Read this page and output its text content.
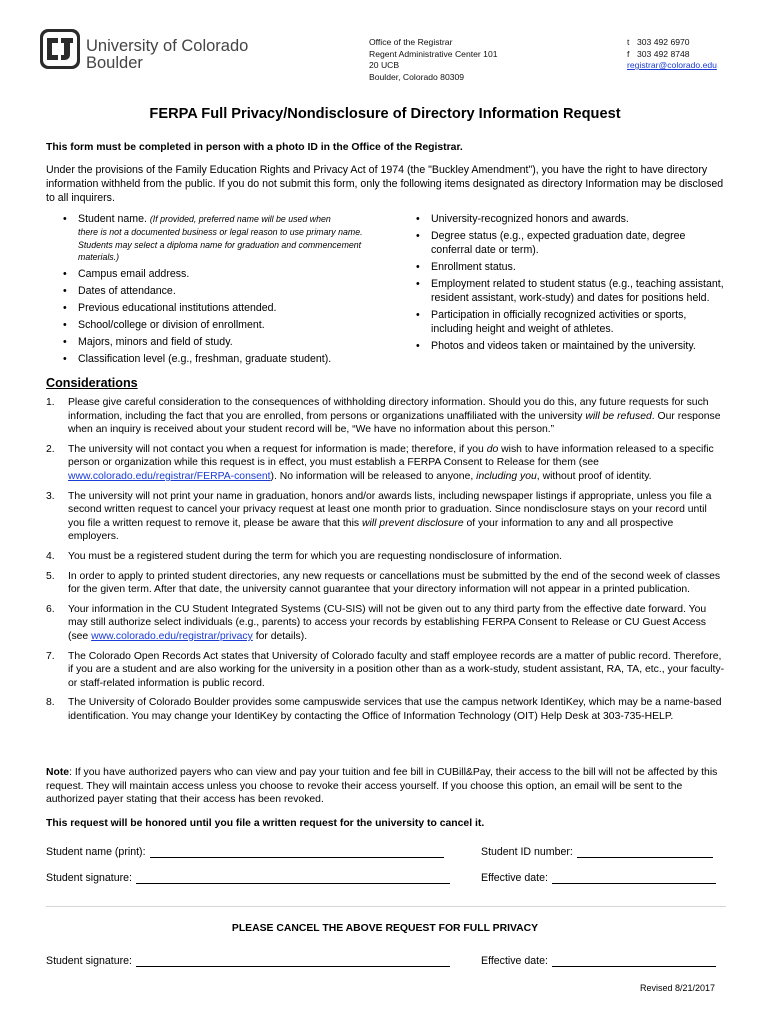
University of Colorado
Boulder
Office of the Registrar
Regent Administrative Center 101
20 UCB
Boulder, Colorado 80309
t 303 492 6970
f 303 492 8748
registrar@colorado.edu
FERPA Full Privacy/Nondisclosure of Directory Information Request
This form must be completed in person with a photo ID in the Office of the Registrar.
Under the provisions of the Family Education Rights and Privacy Act of 1974 (the "Buckley Amendment"), you have the right to have directory information withheld from the public. If you do not submit this form, only the following items designated as directory Information may be disclosed to all inquirers.
• Student name. (If provided, preferred name will be used when
there is not a documented business or legal reason to use primary name. Students may select a diploma name for graduation and commencement materials.)
• Campus email address.
• Dates of attendance.
• Previous educational institutions attended.
• School/college or division of enrollment.
• Majors, minors and field of study.
• Classification level (e.g., freshman, graduate student).
• University-recognized honors and awards.
• Degree status (e.g., expected graduation date, degree conferral date or term).
• Enrollment status.
• Employment related to student status (e.g., teaching assistant, resident assistant, work-study) and dates for positions held.
• Participation in officially recognized activities or sports, including height and weight of athletes.
• Photos and videos taken or maintained by the university.
Considerations
1. Please give careful consideration to the consequences of withholding directory information. Should you do this, any future requests for such information, including the fact that you are enrolled, from persons or organizations unaffiliated with the university will be refused. Our response when an inquiry is received about your student record will be, “We have no information about this person.”
2. The university will not contact you when a request for information is made; therefore, if you do wish to have information released to a specific person or organization while this request is in effect, you must establish a FERPA Consent to Release for them (see www.colorado.edu/registrar/FERPA-consent). No information will be released to anyone, including you, without proof of identity.
3. The university will not print your name in graduation, honors and/or awards lists, including newspaper listings if appropriate, unless you file a second written request to cancel your privacy request at least one month prior to graduation. Since nondisclosure stays on your record until you file a written request to remove it, please be aware that this will prevent disclosure of your information to any and all prospective employers.
4. You must be a registered student during the term for which you are requesting nondisclosure of information.
5. In order to apply to printed student directories, any new requests or cancellations must be submitted by the end of the second week of classes for the given term. After that date, the university cannot guarantee that your directory information will not appear in a printed publication.
6. Your information in the CU Student Integrated Systems (CU-SIS) will not be given out to any third party from the effective date forward. You may still authorize select individuals (e.g., parents) to access your records by establishing FERPA Consent to Release or CU Guest Access (see www.colorado.edu/registrar/privacy for details).
7. The Colorado Open Records Act states that University of Colorado faculty and staff employee records are a matter of public record. Therefore, if you are a student and are also working for the university in a position other than as a work-study, student assistant, RA, TA, etc., your faculty- or staff-related information is public record.
8. The University of Colorado Boulder provides some campuswide services that use the campus network IdentiKey, which may be a name-based identification. You may change your IdentiKey by contacting the Office of Information Technology (OIT) Help Desk at 303-735-HELP.
Note: If you have authorized payers who can view and pay your tuition and fee bill in CUBill&Pay, their access to the bill will not be affected by this request. They will maintain access unless you choose to revoke their access yourself. If you choose this option, an email will be sent to the authorized payer stating that their access has been revoked.
This request will be honored until you file a written request for the university to cancel it.
Student name (print):	Student ID number:
Student signature:	Effective date:
PLEASE CANCEL THE ABOVE REQUEST FOR FULL PRIVACY
Student signature:	Effective date:
Revised 8/21/2017
